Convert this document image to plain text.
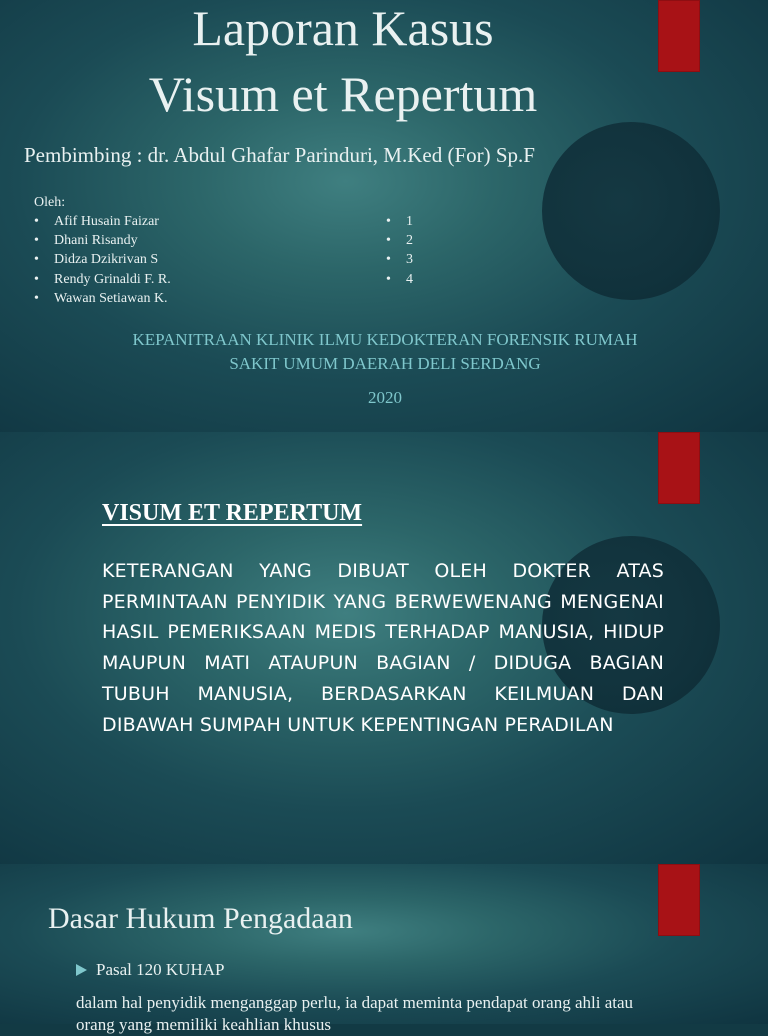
Laporan Kasus
Visum et Repertum
Pembimbing : dr. Abdul Ghafar Parinduri, M.Ked (For) Sp.F
Oleh:
• Afif Husain Faizar
• Dhani Risandy
• Didza Dzikrivan S
• Rendy Grinaldi F. R.
• Wawan Setiawan K.
• 1
• 2
• 3
• 4
KEPANITRAAN KLINIK ILMU KEDOKTERAN FORENSIK RUMAH
SAKIT UMUM DAERAH DELI SERDANG
2020
VISUM ET REPERTUM
KETERANGAN YANG DIBUAT OLEH DOKTER ATAS PERMINTAAN PENYIDIK YANG BERWEWENANG MENGENAI HASIL PEMERIKSAAN MEDIS TERHADAP MANUSIA, HIDUP MAUPUN MATI ATAUPUN BAGIAN / DIDUGA BAGIAN TUBUH MANUSIA, BERDASARKAN KEILMUAN DAN DIBAWAH SUMPAH UNTUK KEPENTINGAN PERADILAN
Dasar Hukum Pengadaan
Pasal 120 KUHAP
dalam hal penyidik menganggap perlu, ia dapat meminta pendapat orang ahli atau orang yang memiliki keahlian khusus
